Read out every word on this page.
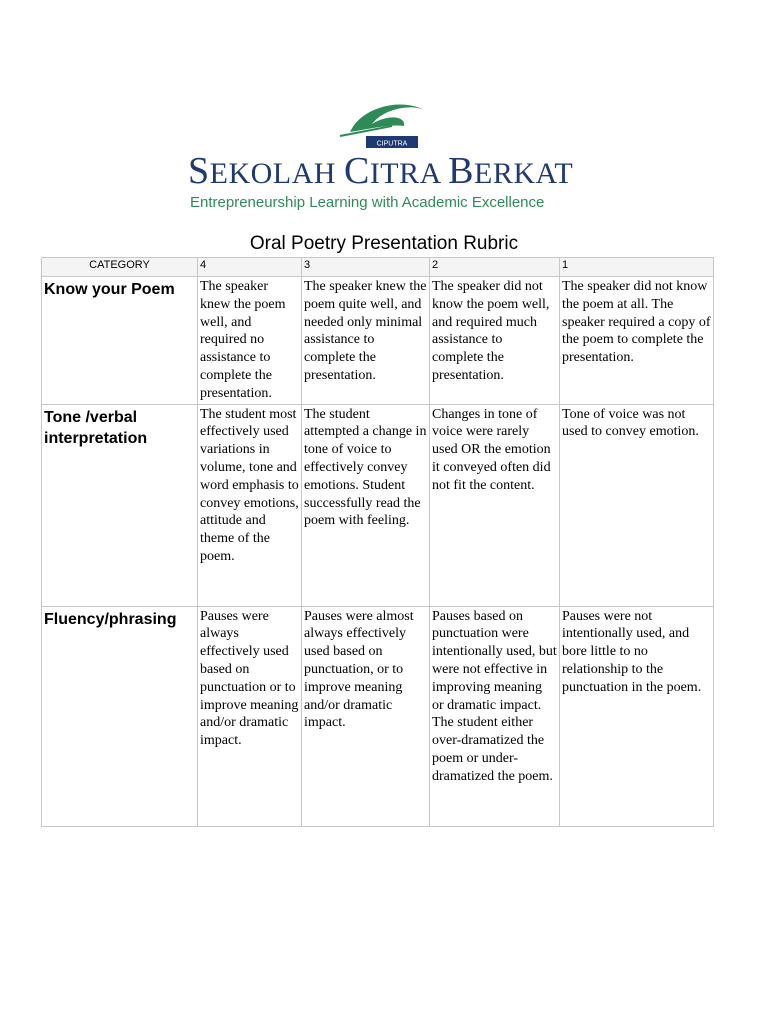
CIPUTRA
SEKOLAH CITRA BERKAT
Entrepreneurship Learning with Academic Excellence
Oral Poetry Presentation Rubric
CATEGORY	4	3	2	1
Know your Poem	The speaker knew the poem well, and required no assistance to complete the presentation.	The speaker knew the poem quite well, and needed only minimal assistance to complete the presentation.	The speaker did not know the poem well, and required much assistance to complete the presentation.	The speaker did not know the poem at all. The speaker required a copy of the poem to complete the presentation.
Tone /verbal interpretation	The student most effectively used variations in volume, tone and word emphasis to convey emotions, attitude and theme of the poem.	The student attempted a change in tone of voice to effectively convey emotions. Student successfully read the poem with feeling.	Changes in tone of voice were rarely used OR the emotion it conveyed often did not fit the content.	Tone of voice was not used to convey emotion.
Fluency/phrasing	Pauses were always effectively used based on punctuation or to improve meaning and/or dramatic impact.	Pauses were almost always effectively used based on punctuation, or to improve meaning and/or dramatic impact.	Pauses based on punctuation were intentionally used, but were not effective in improving meaning or dramatic impact. The student either over-dramatized the poem or under-dramatized the poem.	Pauses were not intentionally used, and bore little to no relationship to the punctuation in the poem.
